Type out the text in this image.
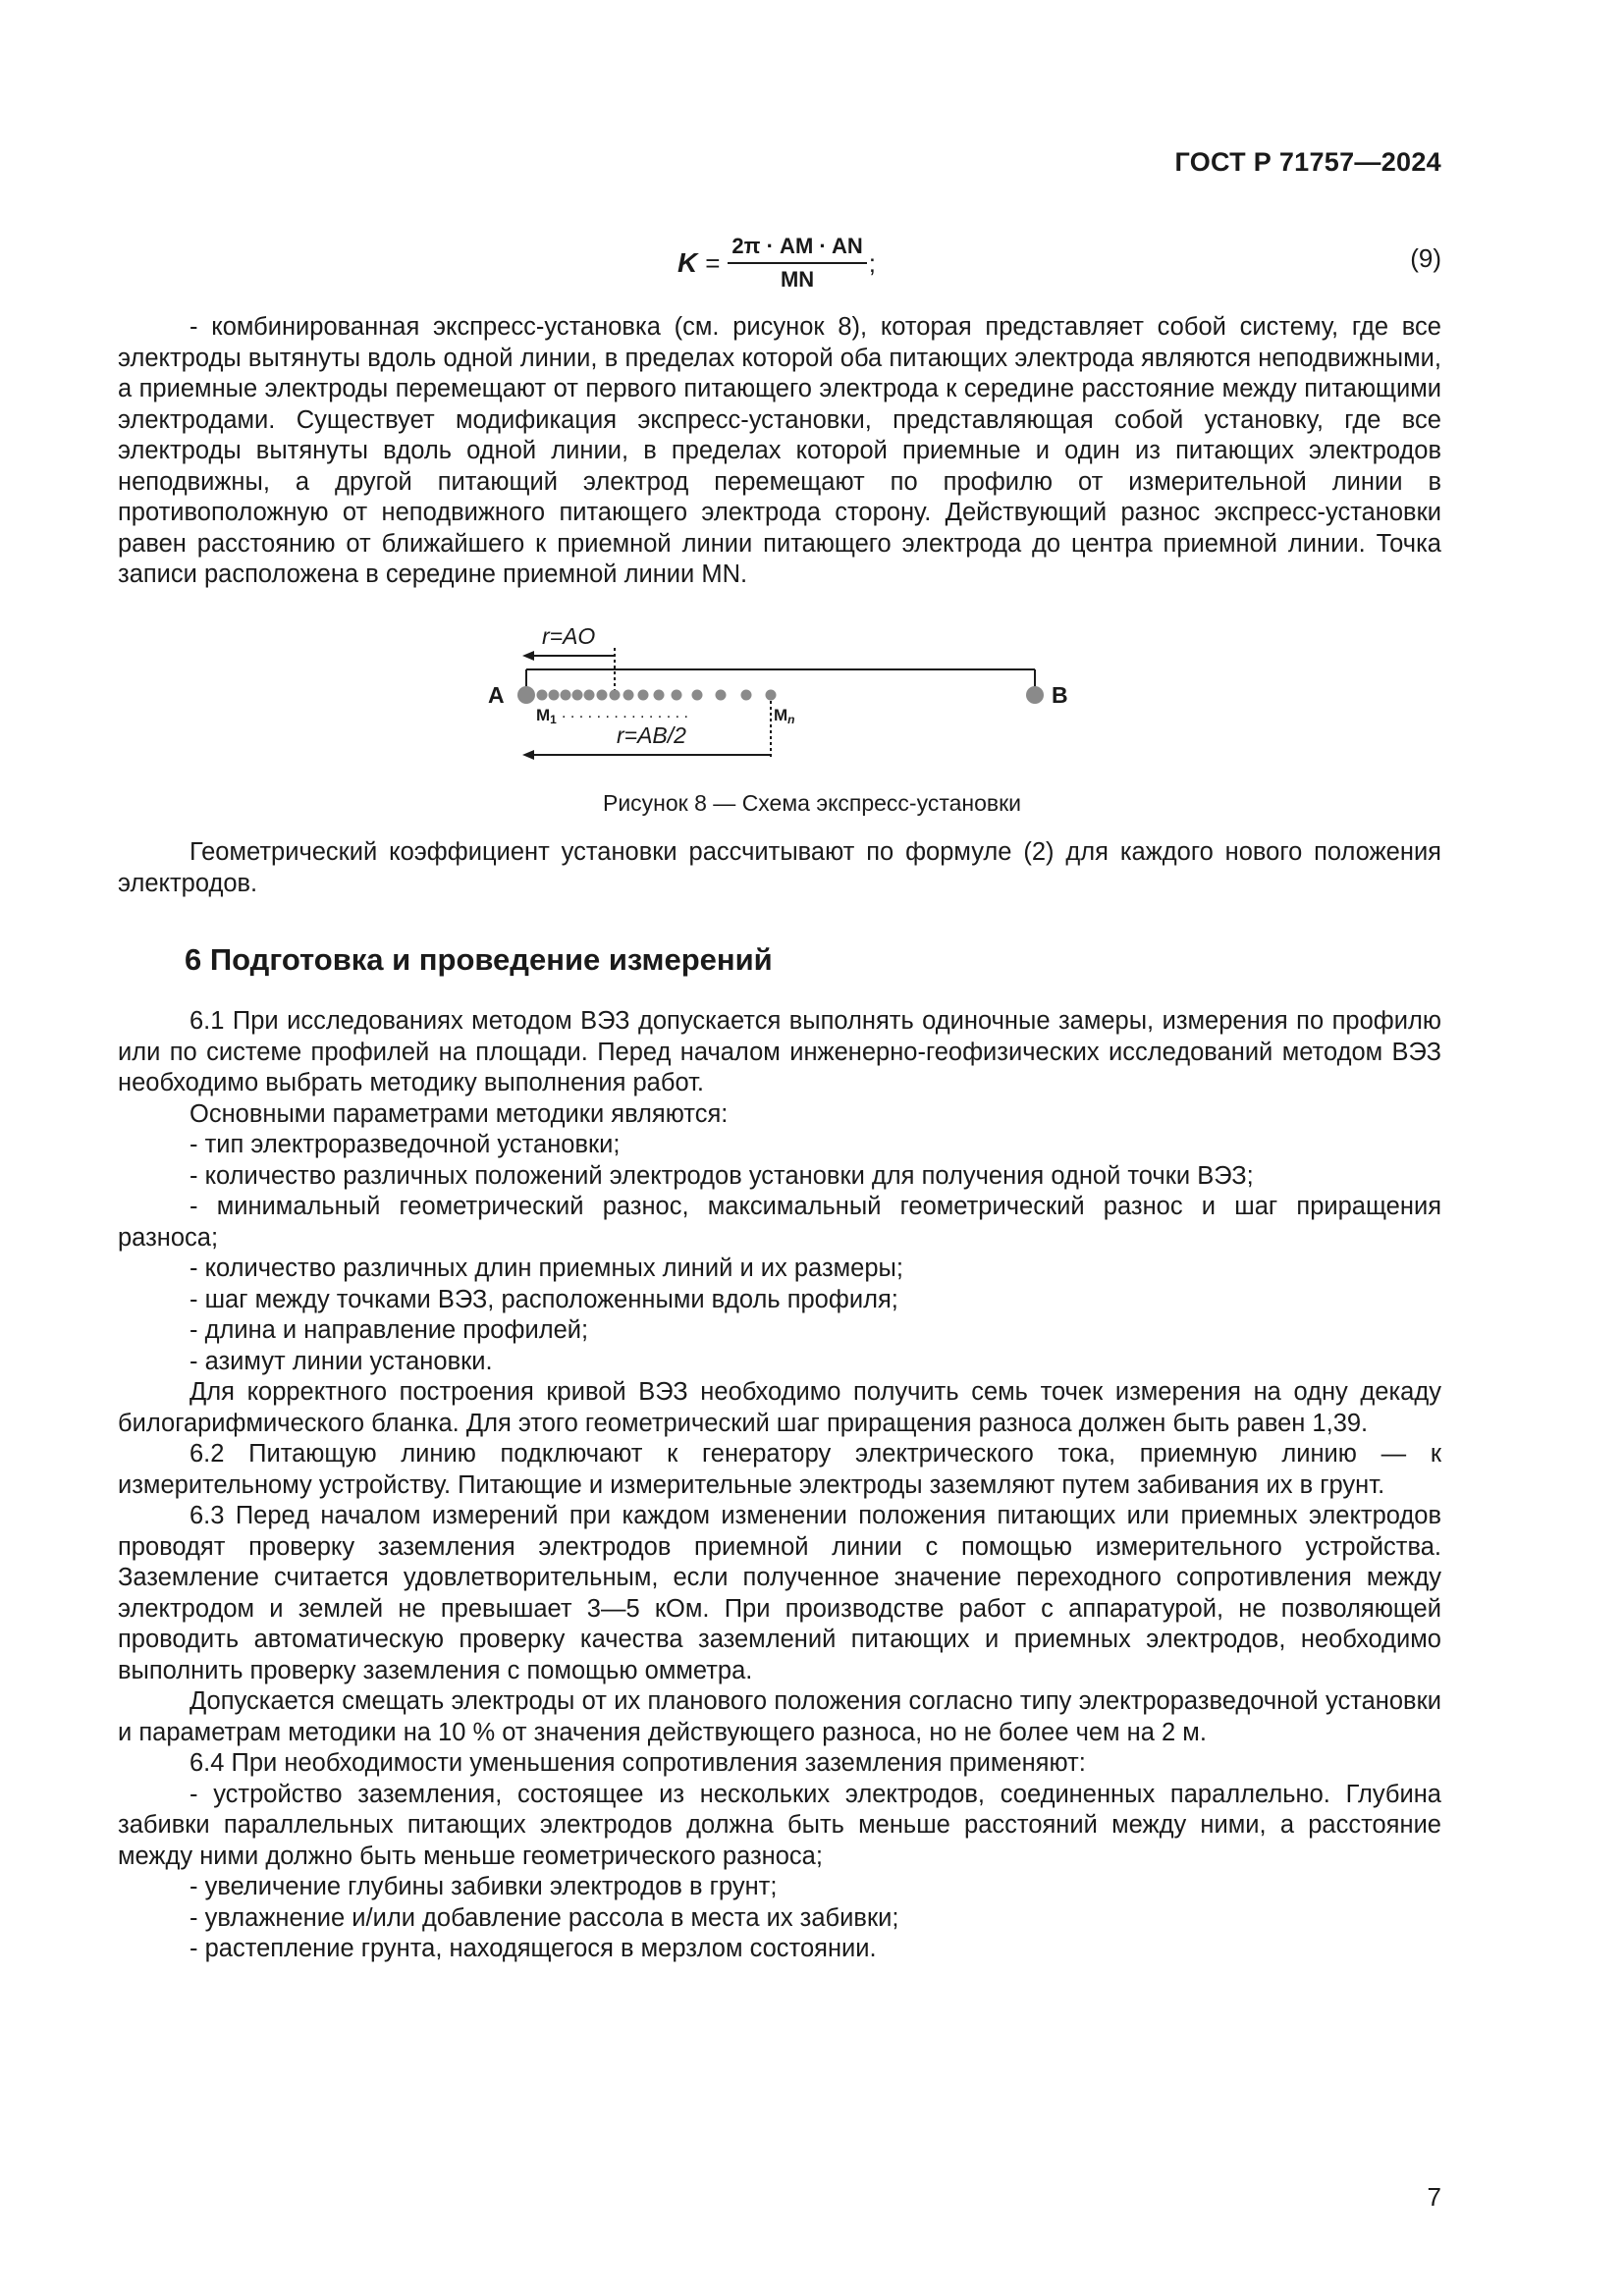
ГОСТ Р 71757—2024
$K = \frac{2\pi \cdot AM \cdot AN}{MN}$ ;	(9)

- комбинированная экспресс-установка (см. рисунок 8), которая представляет собой систему, где все электроды вытянуты вдоль одной линии, в пределах которой оба питающих электрода являются неподвижными, а приемные электроды перемещают от первого питающего электрода к середине расстояние между питающими электродами. Существует модификация экспресс-установки, представляющая собой установку, где все электроды вытянуты вдоль одной линии, в пределах которой приемные и один из питающих электродов неподвижны, а другой питающий электрод перемещают по профилю от измерительной линии в противоположную от неподвижного питающего электрода сторону. Действующий разнос экспресс-установки равен расстоянию от ближайшего к приемной линии питающего электрода до центра приемной линии. Точка записи расположена в середине приемной линии MN.

r=AO
A	B
M1 . . . . . . . . . . . . . . .	Mn
r=AB/2
Рисунок 8 — Схема экспресс-установки

Геометрический коэффициент установки рассчитывают по формуле (2) для каждого нового положения электродов.

6 Подготовка и проведение измерений

6.1 При исследованиях методом ВЭЗ допускается выполнять одиночные замеры, измерения по профилю или по системе профилей на площади. Перед началом инженерно-геофизических исследований методом ВЭЗ необходимо выбрать методику выполнения работ.

Основными параметрами методики являются:

- тип электроразведочной установки;

- количество различных положений электродов установки для получения одной точки ВЭЗ;

- минимальный геометрический разнос, максимальный геометрический разнос и шаг приращения разноса;

- количество различных длин приемных линий и их размеры;

- шаг между точками ВЭЗ, расположенными вдоль профиля;

- длина и направление профилей;

- азимут линии установки.

Для корректного построения кривой ВЭЗ необходимо получить семь точек измерения на одну декаду билогарифмического бланка. Для этого геометрический шаг приращения разноса должен быть равен 1,39.

6.2 Питающую линию подключают к генератору электрического тока, приемную линию — к измерительному устройству. Питающие и измерительные электроды заземляют путем забивания их в грунт.

6.3 Перед началом измерений при каждом изменении положения питающих или приемных электродов проводят проверку заземления электродов приемной линии с помощью измерительного устройства. Заземление считается удовлетворительным, если полученное значение переходного сопротивления между электродом и землей не превышает 3—5 кОм. При производстве работ с аппаратурой, не позволяющей проводить автоматическую проверку качества заземлений питающих и приемных электродов, необходимо выполнить проверку заземления с помощью омметра.

Допускается смещать электроды от их планового положения согласно типу электроразведочной установки и параметрам методики на 10 % от значения действующего разноса, но не более чем на 2 м.

6.4 При необходимости уменьшения сопротивления заземления применяют:

- устройство заземления, состоящее из нескольких электродов, соединенных параллельно. Глубина забивки параллельных питающих электродов должна быть меньше расстояний между ними, а расстояние между ними должно быть меньше геометрического разноса;

- увеличение глубины забивки электродов в грунт;

- увлажнение и/или добавление рассола в места их забивки;

- растепление грунта, находящегося в мерзлом состоянии.

7
